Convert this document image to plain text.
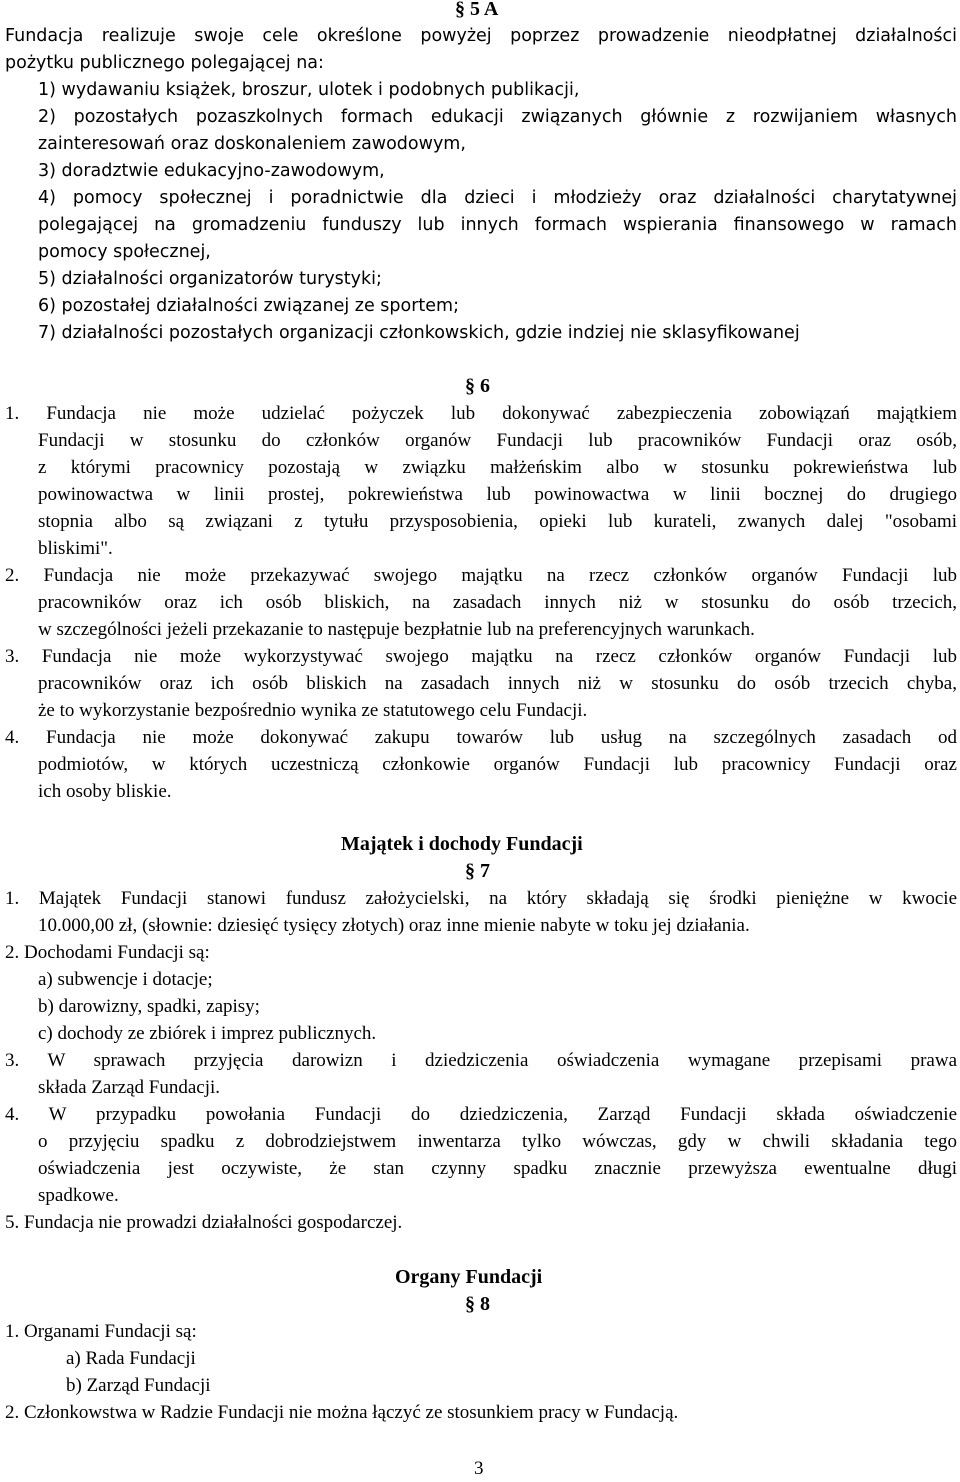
§ 5 A
Fundacja realizuje swoje cele określone powyżej poprzez prowadzenie nieodpłatnej działalności
pożytku publicznego polegającej na:
1) wydawaniu książek, broszur, ulotek i podobnych publikacji,
2) pozostałych pozaszkolnych formach edukacji związanych głównie z rozwijaniem własnych
zainteresowań oraz doskonaleniem zawodowym,
3) doradztwie edukacyjno-zawodowym,
4) pomocy społecznej i poradnictwie dla dzieci i młodzieży oraz działalności charytatywnej
polegającej na gromadzeniu funduszy lub innych formach wspierania finansowego w ramach
pomocy społecznej,
5) działalności organizatorów turystyki;
6) pozostałej działalności związanej ze sportem;
7) działalności pozostałych organizacji członkowskich, gdzie indziej nie sklasyfikowanej
§ 6
1. Fundacja nie może udzielać pożyczek lub dokonywać zabezpieczenia zobowiązań majątkiem
Fundacji w stosunku do członków organów Fundacji lub pracowników Fundacji oraz osób,
z którymi pracownicy pozostają w związku małżeńskim albo w stosunku pokrewieństwa lub
powinowactwa w linii prostej, pokrewieństwa lub powinowactwa w linii bocznej do drugiego
stopnia albo są związani z tytułu przysposobienia, opieki lub kurateli, zwanych dalej "osobami
bliskimi".
2. Fundacja nie może przekazywać swojego majątku na rzecz członków organów Fundacji lub
pracowników oraz ich osób bliskich, na zasadach innych niż w stosunku do osób trzecich,
w szczególności jeżeli przekazanie to następuje bezpłatnie lub na preferencyjnych warunkach.
3. Fundacja nie może wykorzystywać swojego majątku na rzecz członków organów Fundacji lub
pracowników oraz ich osób bliskich na zasadach innych niż w stosunku do osób trzecich chyba,
że to wykorzystanie bezpośrednio wynika ze statutowego celu Fundacji.
4. Fundacja nie może dokonywać zakupu towarów lub usług na szczególnych zasadach od
podmiotów, w których uczestniczą członkowie organów Fundacji lub pracownicy Fundacji oraz
ich osoby bliskie.
Majątek i dochody Fundacji
§ 7
1. Majątek Fundacji stanowi fundusz założycielski, na który składają się środki pieniężne w kwocie
10.000,00 zł, (słownie: dziesięć tysięcy złotych) oraz inne mienie nabyte w toku jej działania.
2. Dochodami Fundacji są:
a) subwencje i dotacje;
b) darowizny, spadki, zapisy;
c) dochody ze zbiórek i imprez publicznych.
3. W sprawach przyjęcia darowizn i dziedziczenia oświadczenia wymagane przepisami prawa
składa Zarząd Fundacji.
4. W przypadku powołania Fundacji do dziedziczenia, Zarząd Fundacji składa oświadczenie
o przyjęciu spadku z dobrodziejstwem inwentarza tylko wówczas, gdy w chwili składania tego
oświadczenia jest oczywiste, że stan czynny spadku znacznie przewyższa ewentualne długi
spadkowe.
5. Fundacja nie prowadzi działalności gospodarczej.
Organy Fundacji
§ 8
1. Organami Fundacji są:
a) Rada Fundacji
b) Zarząd Fundacji
2. Członkowstwa w Radzie Fundacji nie można łączyć ze stosunkiem pracy w Fundacją.
3
